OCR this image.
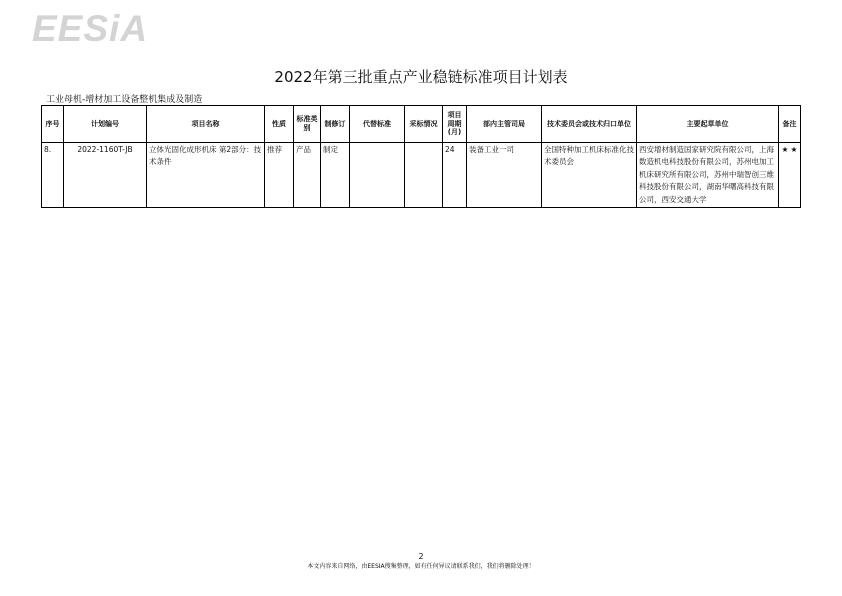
EESiA
2022年第三批重点产业稳链标准项目计划表
工业母机-增材加工设备整机集成及制造
序号	计划编号	项目名称	性质	标准类别	制修订	代替标准	采标情况	项目周期(月)	部内主管司局	技术委员会或技术归口单位	主要起草单位	备注
8.	2022-1160T-JB	立体光固化成形机床 第2部分：技术条件	推荐	产品	制定			24	装备工业一司	全国特种加工机床标准化技术委员会	西安增材制造国家研究院有限公司，上海数造机电科技股份有限公司，苏州电加工机床研究所有限公司，苏州中瑞智创三维科技股份有限公司，湖南华曙高科技有限公司，西安交通大学	★ ★
2
本文内容来自网络，由EESIA搜集整理，如有任何异议请联系我们，我们将删除处理！
